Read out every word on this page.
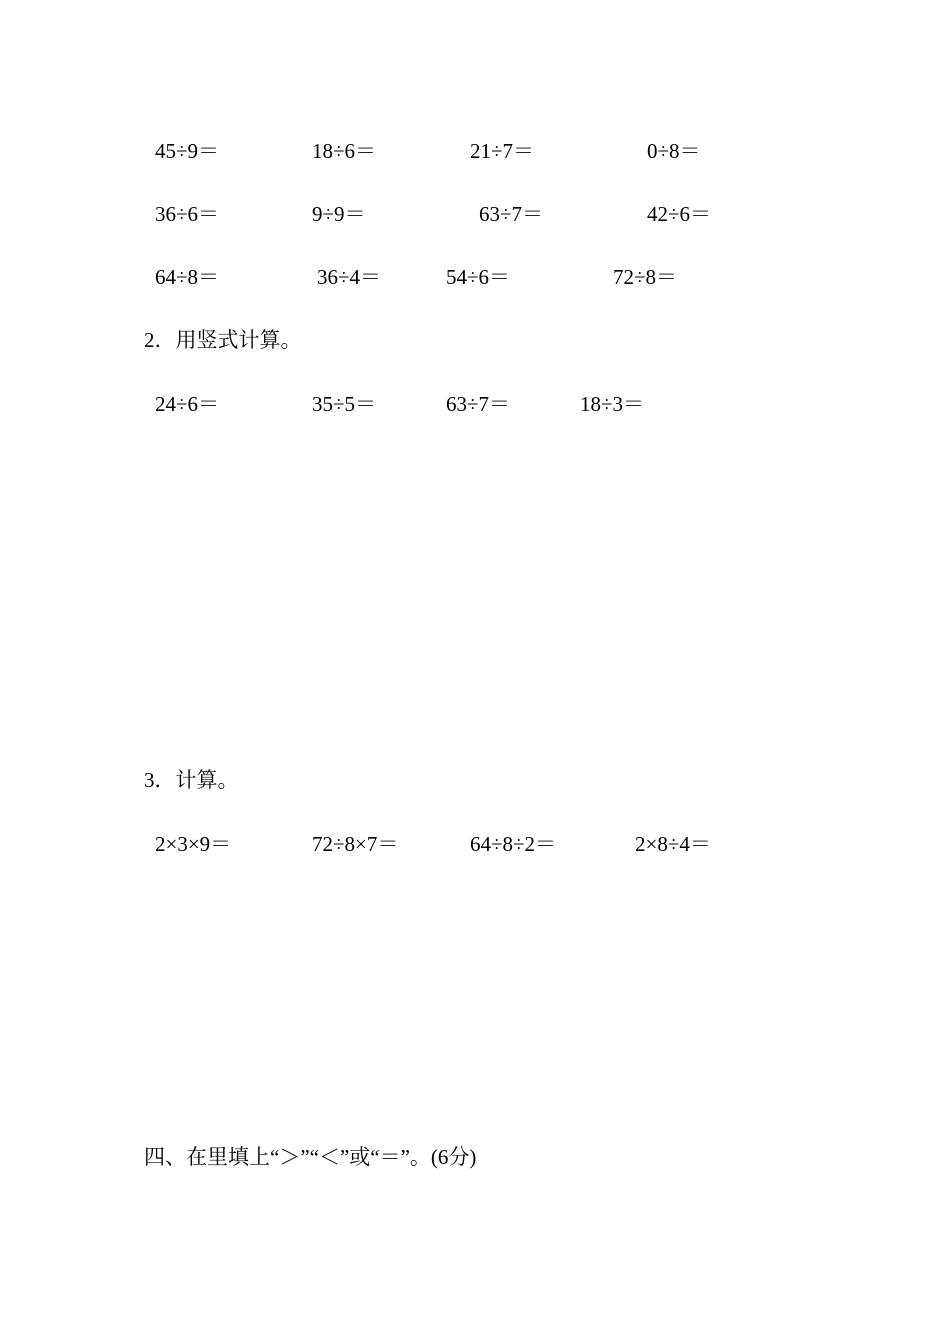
45÷9＝	18÷6＝	21÷7＝	0÷8＝
36÷6＝	9÷9＝	63÷7＝	42÷6＝
64÷8＝	36÷4＝	54÷6＝	72÷8＝
2．用竖式计算。
24÷6＝	35÷5＝	63÷7＝	18÷3＝
3．计算。
2×3×9＝	72÷8×7＝	64÷8÷2＝	2×8÷4＝
四、在里填上“＞”“＜”或“＝”。(6分)
